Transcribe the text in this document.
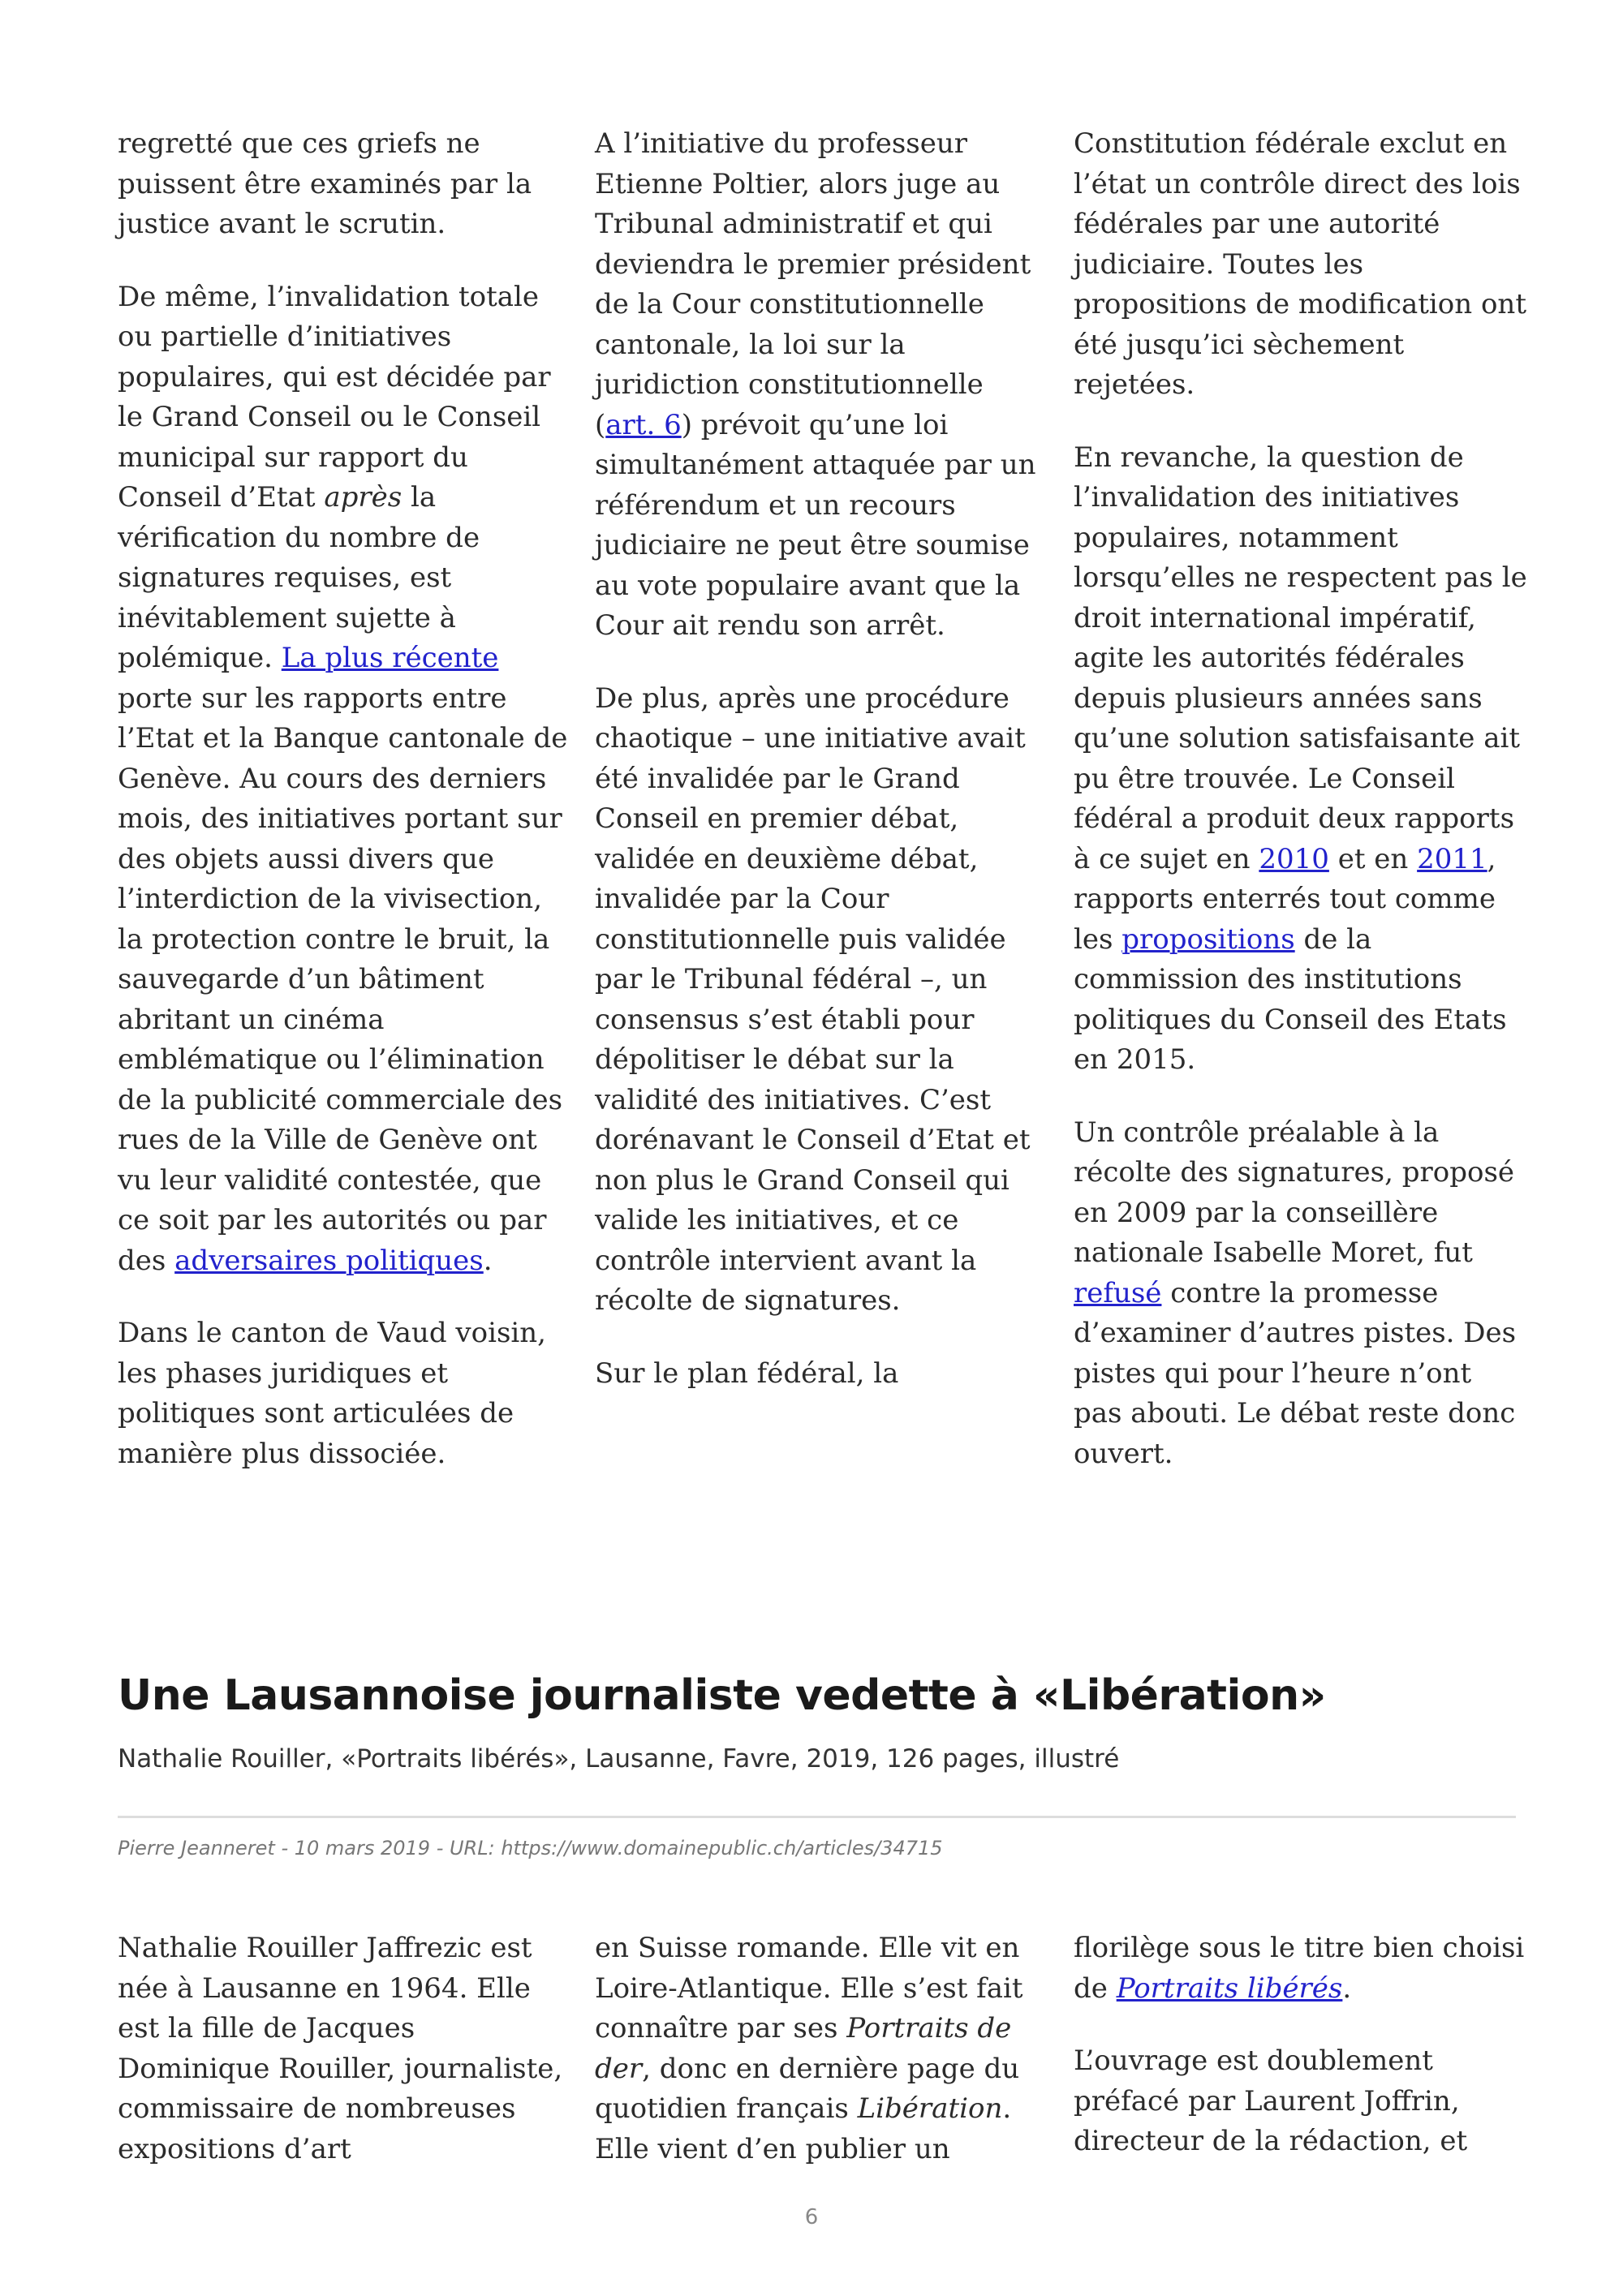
regretté que ces griefs ne puissent être examinés par la justice avant le scrutin.

De même, l’invalidation totale ou partielle d’initiatives populaires, qui est décidée par le Grand Conseil ou le Conseil municipal sur rapport du Conseil d’Etat après la vérification du nombre de signatures requises, est inévitablement sujette à polémique. La plus récente porte sur les rapports entre l’Etat et la Banque cantonale de Genève. Au cours des derniers mois, des initiatives portant sur des objets aussi divers que l’interdiction de la vivisection, la protection contre le bruit, la sauvegarde d’un bâtiment abritant un cinéma emblématique ou l’élimination de la publicité commerciale des rues de la Ville de Genève ont vu leur validité contestée, que ce soit par les autorités ou par des adversaires politiques.

Dans le canton de Vaud voisin, les phases juridiques et politiques sont articulées de manière plus dissociée.

A l’initiative du professeur Etienne Poltier, alors juge au Tribunal administratif et qui deviendra le premier président de la Cour constitutionnelle cantonale, la loi sur la juridiction constitutionnelle (art. 6) prévoit qu’une loi simultanément attaquée par un référendum et un recours judiciaire ne peut être soumise au vote populaire avant que la Cour ait rendu son arrêt.

De plus, après une procédure chaotique – une initiative avait été invalidée par le Grand Conseil en premier débat, validée en deuxième débat, invalidée par la Cour constitutionnelle puis validée par le Tribunal fédéral –, un consensus s’est établi pour dépolitiser le débat sur la validité des initiatives. C’est dorénavant le Conseil d’Etat et non plus le Grand Conseil qui valide les initiatives, et ce contrôle intervient avant la récolte de signatures.

Sur le plan fédéral, la

Constitution fédérale exclut en l’état un contrôle direct des lois fédérales par une autorité judiciaire. Toutes les propositions de modification ont été jusqu’ici sèchement rejetées.

En revanche, la question de l’invalidation des initiatives populaires, notamment lorsqu’elles ne respectent pas le droit international impératif, agite les autorités fédérales depuis plusieurs années sans qu’une solution satisfaisante ait pu être trouvée. Le Conseil fédéral a produit deux rapports à ce sujet en 2010 et en 2011, rapports enterrés tout comme les propositions de la commission des institutions politiques du Conseil des Etats en 2015.

Un contrôle préalable à la récolte des signatures, proposé en 2009 par la conseillère nationale Isabelle Moret, fut refusé contre la promesse d’examiner d’autres pistes. Des pistes qui pour l’heure n’ont pas abouti. Le débat reste donc ouvert.

Une Lausannoise journaliste vedette à «Libération»
Nathalie Rouiller, «Portraits libérés», Lausanne, Favre, 2019, 126 pages, illustré
Pierre Jeanneret - 10 mars 2019 - URL: https://www.domainepublic.ch/articles/34715

Nathalie Rouiller Jaffrezic est née à Lausanne en 1964. Elle est la fille de Jacques Dominique Rouiller, journaliste, commissaire de nombreuses expositions d’art

en Suisse romande. Elle vit en Loire-Atlantique. Elle s’est fait connaître par ses Portraits de der, donc en dernière page du quotidien français Libération. Elle vient d’en publier un

florilège sous le titre bien choisi de Portraits libérés.

L’ouvrage est doublement préfacé par Laurent Joffrin, directeur de la rédaction, et

6
